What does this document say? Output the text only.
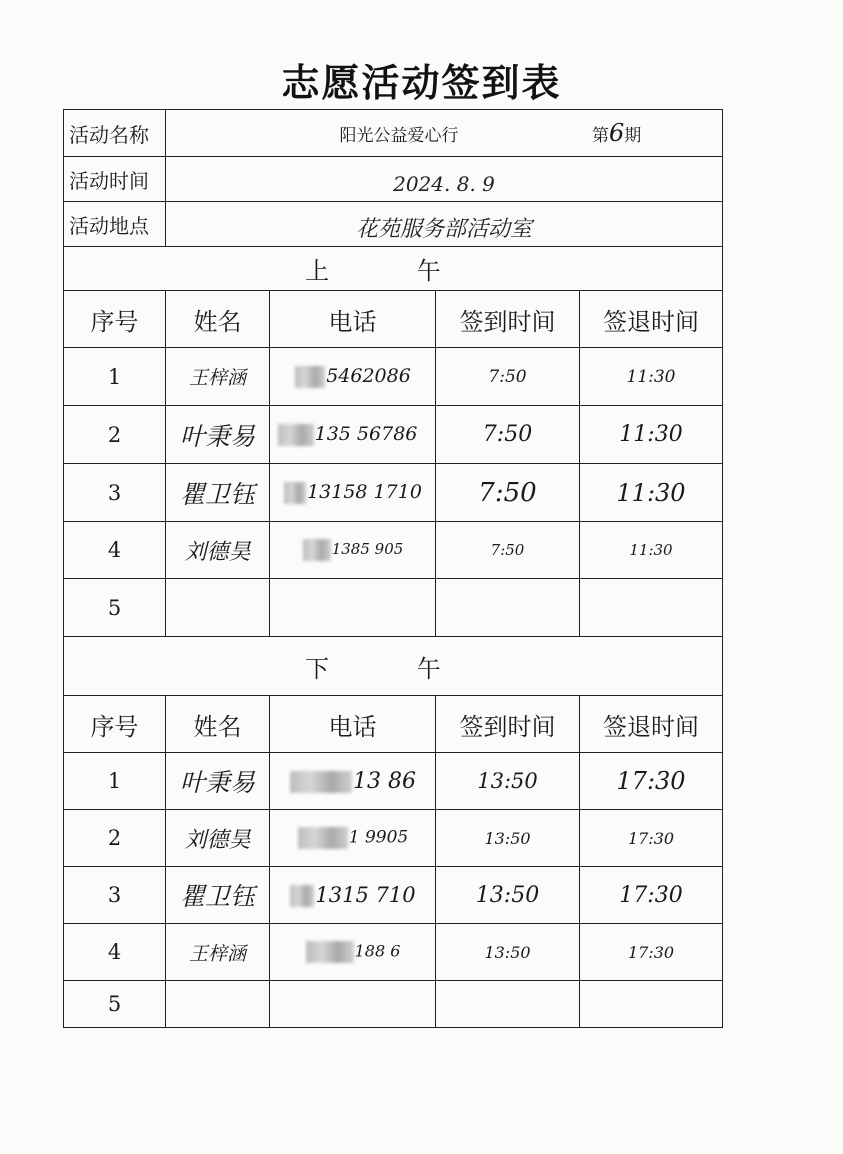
志愿活动签到表
活动名称	阳光公益爱心行 第6期			

活动时间	2024. 8. 9			
活动地点	花苑服务部活动室			
上 午				
序号	姓名	电话	签到时间	签退时间
1	王梓涵	5462086	7:50	11:30
2	叶秉易	135 56786	7:50	11:30
3	瞿卫钰	13158 1710	7:50	11:30
4	刘德昊	1385 905	7:50	11:30
5				
下 午				
序号	姓名	电话	签到时间	签退时间
1	叶秉易	13 86	13:50	17:30
2	刘德昊	1 9905	13:50	17:30
3	瞿卫钰	1315 710	13:50	17:30
4	王梓涵	188 6	13:50	17:30
5				
